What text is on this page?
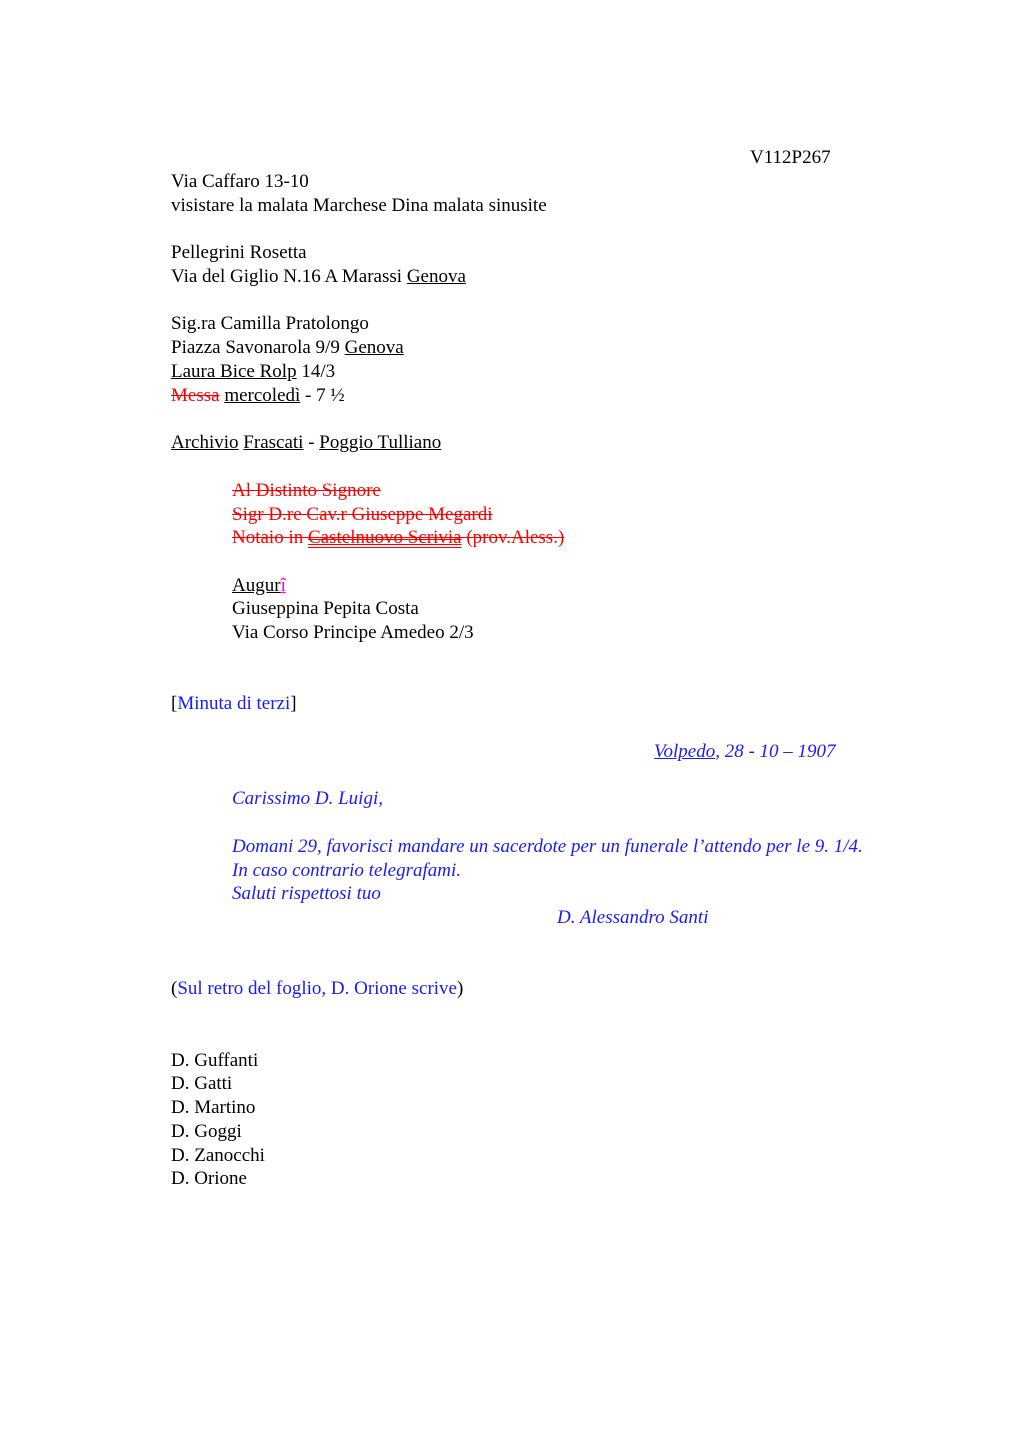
V112P267
Via Caffaro 13-10
visistare la malata Marchese Dina malata sinusite
Pellegrini Rosetta
Via del Giglio N.16 A Marassi Genova
Sig.ra Camilla Pratolongo
Piazza Savonarola 9/9 Genova
Laura Bice Rolp 14/3
Messa mercoledì - 7 ½
Archivio Frascati - Poggio Tulliano
Al Distinto Signore
Sigr D.re Cav.r Giuseppe Megardi
Notaio in Castelnuovo Scrivia (prov.Aless.)
Augurî
Giuseppina Pepita Costa
Via Corso Principe Amedeo 2/3
[Minuta di terzi]
Volpedo, 28 - 10 – 1907
Carissimo D. Luigi,
Domani 29, favorisci mandare un sacerdote per un funerale l’attendo per le 9. 1/4.
In caso contrario telegrafami.
Saluti rispettosi tuo
D. Alessandro Santi
(Sul retro del foglio, D. Orione scrive)
D. Guffanti
D. Gatti
D. Martino
D. Goggi
D. Zanocchi
D. Orione
